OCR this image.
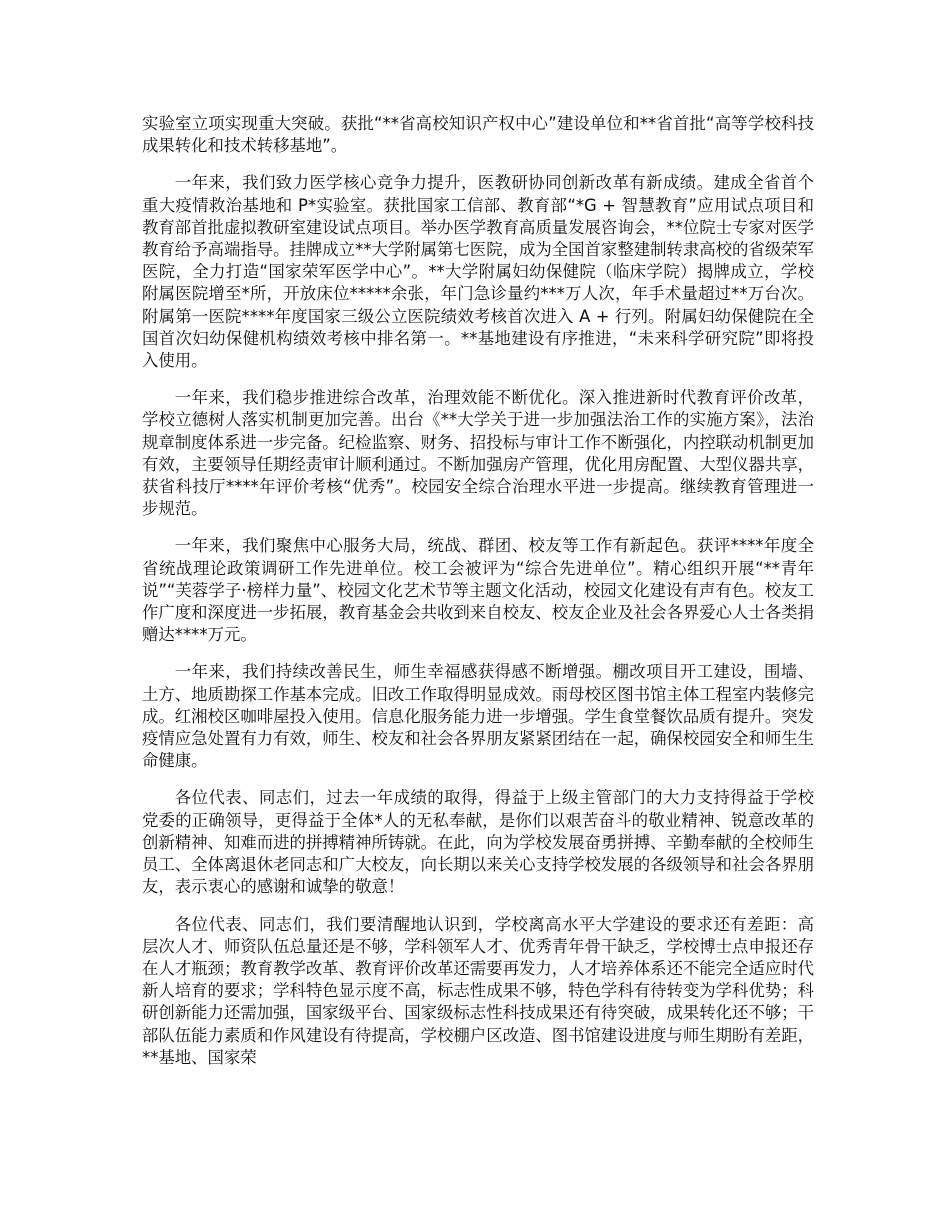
实验室立项实现重大突破。获批“**省高校知识产权中心”建设单位和**省首批“高等学校科技成果转化和技术转移基地”。

一年来，我们致力医学核心竞争力提升，医教研协同创新改革有新成绩。建成全省首个重大疫情救治基地和 P*实验室。获批国家工信部、教育部“*G + 智慧教育”应用试点项目和教育部首批虚拟教研室建设试点项目。举办医学教育高质量发展咨询会，**位院士专家对医学教育给予高端指导。挂牌成立**大学附属第七医院，成为全国首家整建制转隶高校的省级荣军医院，全力打造“国家荣军医学中心”。**大学附属妇幼保健院（临床学院）揭牌成立，学校附属医院增至*所，开放床位*****余张，年门急诊量约***万人次，年手术量超过**万台次。附属第一医院****年度国家三级公立医院绩效考核首次进入 A + 行列。附属妇幼保健院在全国首次妇幼保健机构绩效考核中排名第一。**基地建设有序推进，“未来科学研究院”即将投入使用。

一年来，我们稳步推进综合改革，治理效能不断优化。深入推进新时代教育评价改革，学校立德树人落实机制更加完善。出台《**大学关于进一步加强法治工作的实施方案》，法治规章制度体系进一步完备。纪检监察、财务、招投标与审计工作不断强化，内控联动机制更加有效，主要领导任期经责审计顺利通过。不断加强房产管理，优化用房配置、大型仪器共享，获省科技厅****年评价考核“优秀”。校园安全综合治理水平进一步提高。继续教育管理进一步规范。

一年来，我们聚焦中心服务大局，统战、群团、校友等工作有新起色。获评****年度全省统战理论政策调研工作先进单位。校工会被评为“综合先进单位”。精心组织开展“**青年说”“芙蓉学子·榜样力量”、校园文化艺术节等主题文化活动，校园文化建设有声有色。校友工作广度和深度进一步拓展，教育基金会共收到来自校友、校友企业及社会各界爱心人士各类捐赠达****万元。

一年来，我们持续改善民生，师生幸福感获得感不断增强。棚改项目开工建设，围墙、土方、地质勘探工作基本完成。旧改工作取得明显成效。雨母校区图书馆主体工程室内装修完成。红湘校区咖啡屋投入使用。信息化服务能力进一步增强。学生食堂餐饮品质有提升。突发疫情应急处置有力有效，师生、校友和社会各界朋友紧紧团结在一起，确保校园安全和师生生命健康。

各位代表、同志们，过去一年成绩的取得，得益于上级主管部门的大力支持得益于学校党委的正确领导，更得益于全体*人的无私奉献，是你们以艰苦奋斗的敬业精神、锐意改革的创新精神、知难而进的拼搏精神所铸就。在此，向为学校发展奋勇拼搏、辛勤奉献的全校师生员工、全体离退休老同志和广大校友，向长期以来关心支持学校发展的各级领导和社会各界朋友，表示衷心的感谢和诚挚的敬意！

各位代表、同志们，我们要清醒地认识到，学校离高水平大学建设的要求还有差距：高层次人才、师资队伍总量还是不够，学科领军人才、优秀青年骨干缺乏，学校博士点申报还存在人才瓶颈；教育教学改革、教育评价改革还需要再发力，人才培养体系还不能完全适应时代新人培育的要求；学科特色显示度不高，标志性成果不够，特色学科有待转变为学科优势；科研创新能力还需加强，国家级平台、国家级标志性科技成果还有待突破，成果转化还不够；干部队伍能力素质和作风建设有待提高，学校棚户区改造、图书馆建设进度与师生期盼有差距，**基地、国家荣
